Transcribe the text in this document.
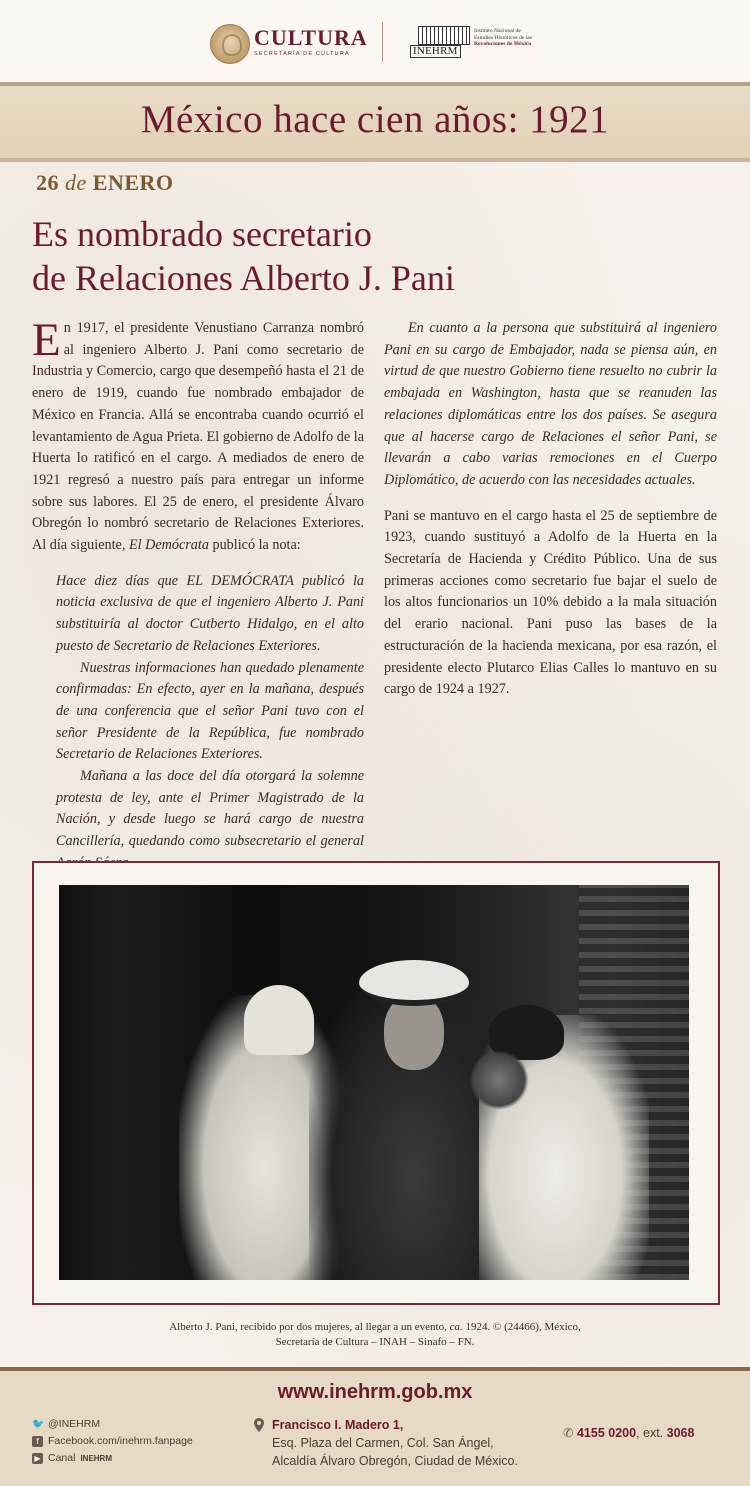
CULTURA
SECRETARÍA DE CULTURA	INEHRM
Instituto Nacional de
Estudios Históricos de las
Revoluciones de México
México hace cien años: 1921
26 de ENERO
Es nombrado secretario
de Relaciones Alberto J. Pani

En 1917, el presidente Venustiano Carranza nombró al ingeniero Alberto J. Pani como secretario de Industria y Comercio, cargo que desempeñó hasta el 21 de enero de 1919, cuando fue nombrado embajador de México en Francia. Allá se encontraba cuando ocurrió el levantamiento de Agua Prieta. El gobierno de Adolfo de la Huerta lo ratificó en el cargo. A mediados de enero de 1921 regresó a nuestro país para entregar un informe sobre sus labores. El 25 de enero, el presidente Álvaro Obregón lo nombró secretario de Relaciones Exteriores. Al día siguiente, El Demócrata publicó la nota:

Hace diez días que EL DEMÓCRATA publicó la noticia exclusiva de que el ingeniero Alberto J. Pani substituiría al doctor Cutberto Hidalgo, en el alto puesto de Secretario de Relaciones Exteriores.

Nuestras informaciones han quedado plenamente confirmadas: En efecto, ayer en la mañana, después de una conferencia que el señor Pani tuvo con el señor Presidente de la República, fue nombrado Secretario de Relaciones Exteriores.

Mañana a las doce del día otorgará la solemne protesta de ley, ante el Primer Magistrado de la Nación, y desde luego se hará cargo de nuestra Cancillería, quedando como subsecretario el general

En cuanto a la persona que substituirá al ingeniero Pani en su cargo de Embajador, nada se piensa aún, en virtud de que nuestro Gobierno tiene resuelto no cubrir la embajada en Washington, hasta que se reanuden las relaciones diplomáticas entre los dos países. Se asegura que al hacerse cargo de Relaciones el señor Pani, se llevarán a cabo varias remociones en el Cuerpo Diplomático, de acuerdo con las necesidades actuales.

Pani se mantuvo en el cargo hasta el 25 de septiembre de 1923, cuando sustituyó a Adolfo de la Huerta en la Secretaría de Hacienda y Crédito Público. Una de sus primeras acciones como secretario fue bajar el suelo de los altos funcionarios un 10% debido a la mala situación del erario nacional. Pani puso las bases de la estructuración de la hacienda mexicana, por esa razón, el presidente electo Plutarco Elias Calles lo mantuvo en su cargo de 1924 a 1927.

Alberto J. Pani, recibido por dos mujeres, al llegar a un evento, ca. 1924. © (24466), México,
Secretaría de Cultura – INAH – Sinafo – FN.
www.inehrm.gob.mx
🐦 @INEHRM
f Facebook.com/inehrm.fanpage
▶ Canal INEHRM
Francisco I. Madero 1,
Esq. Plaza del Carmen, Col. San Ángel,
Alcaldía Álvaro Obregón, Ciudad de México.
✆ 4155 0200, ext. 3068
